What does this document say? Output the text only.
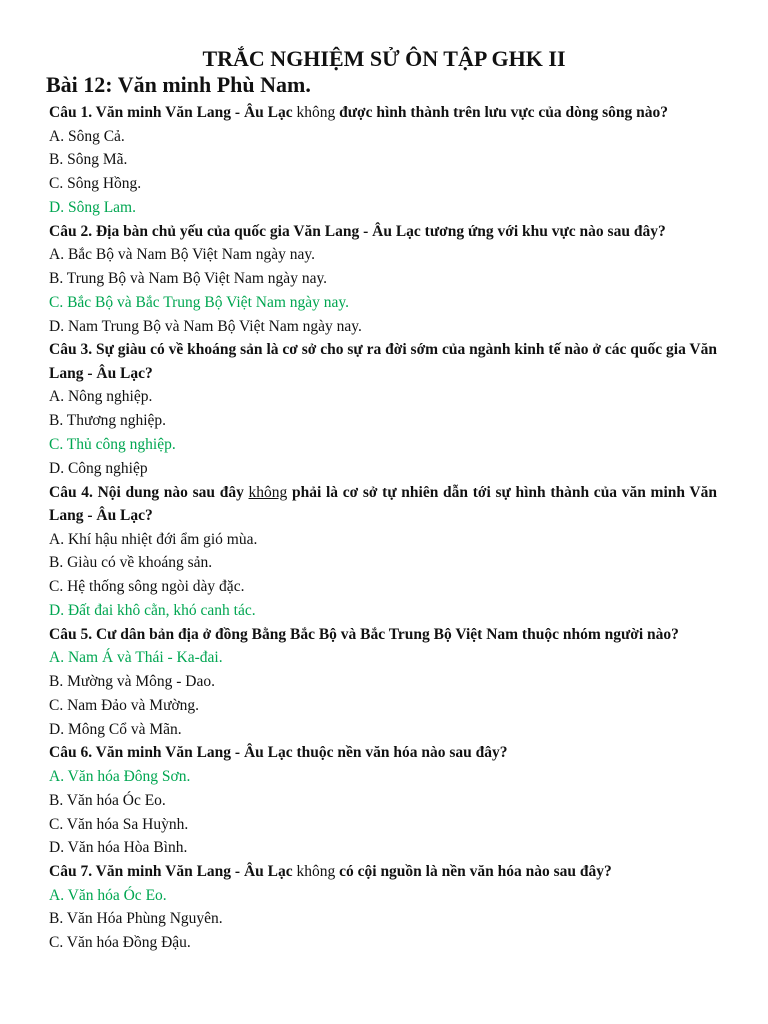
TRẮC NGHIỆM SỬ ÔN TẬP GHK II
Bài 12: Văn minh Phù Nam.

Câu 1. Văn minh Văn Lang - Âu Lạc không được hình thành trên lưu vực của dòng sông nào?

A. Sông Cả.

B. Sông Mã.

C. Sông Hồng.

D. Sông Lam.

Câu 2. Địa bàn chủ yếu của quốc gia Văn Lang - Âu Lạc tương ứng với khu vực nào sau đây?

A. Bắc Bộ và Nam Bộ Việt Nam ngày nay.

B. Trung Bộ và Nam Bộ Việt Nam ngày nay.

C. Bắc Bộ và Bắc Trung Bộ Việt Nam ngày nay.

D. Nam Trung Bộ và Nam Bộ Việt Nam ngày nay.

Câu 3. Sự giàu có về khoáng sản là cơ sở cho sự ra đời sớm của ngành kinh tế nào ở các quốc gia Văn Lang - Âu Lạc?

A. Nông nghiệp.

B. Thương nghiệp.

C. Thủ công nghiệp.

D. Công nghiệp

Câu 4. Nội dung nào sau đây không phải là cơ sở tự nhiên dẫn tới sự hình thành của văn minh Văn Lang - Âu Lạc?

A. Khí hậu nhiệt đới ẩm gió mùa.

B. Giàu có về khoáng sản.

C. Hệ thống sông ngòi dày đặc.

D. Đất đai khô cằn, khó canh tác.

Câu 5. Cư dân bản địa ở đồng Bằng Bắc Bộ và Bắc Trung Bộ Việt Nam thuộc nhóm người nào?

A. Nam Á và Thái - Ka-đai.

B. Mường và Mông - Dao.

C. Nam Đảo và Mường.

D. Mông Cổ và Mãn.

Câu 6. Văn minh Văn Lang - Âu Lạc thuộc nền văn hóa nào sau đây?

A. Văn hóa Đông Sơn.

B. Văn hóa Óc Eo.

C. Văn hóa Sa Huỳnh.

D. Văn hóa Hòa Bình.

Câu 7. Văn minh Văn Lang - Âu Lạc không có cội nguồn là nền văn hóa nào sau đây?

A. Văn hóa Óc Eo.

B. Văn Hóa Phùng Nguyên.

C. Văn hóa Đồng Đậu.
